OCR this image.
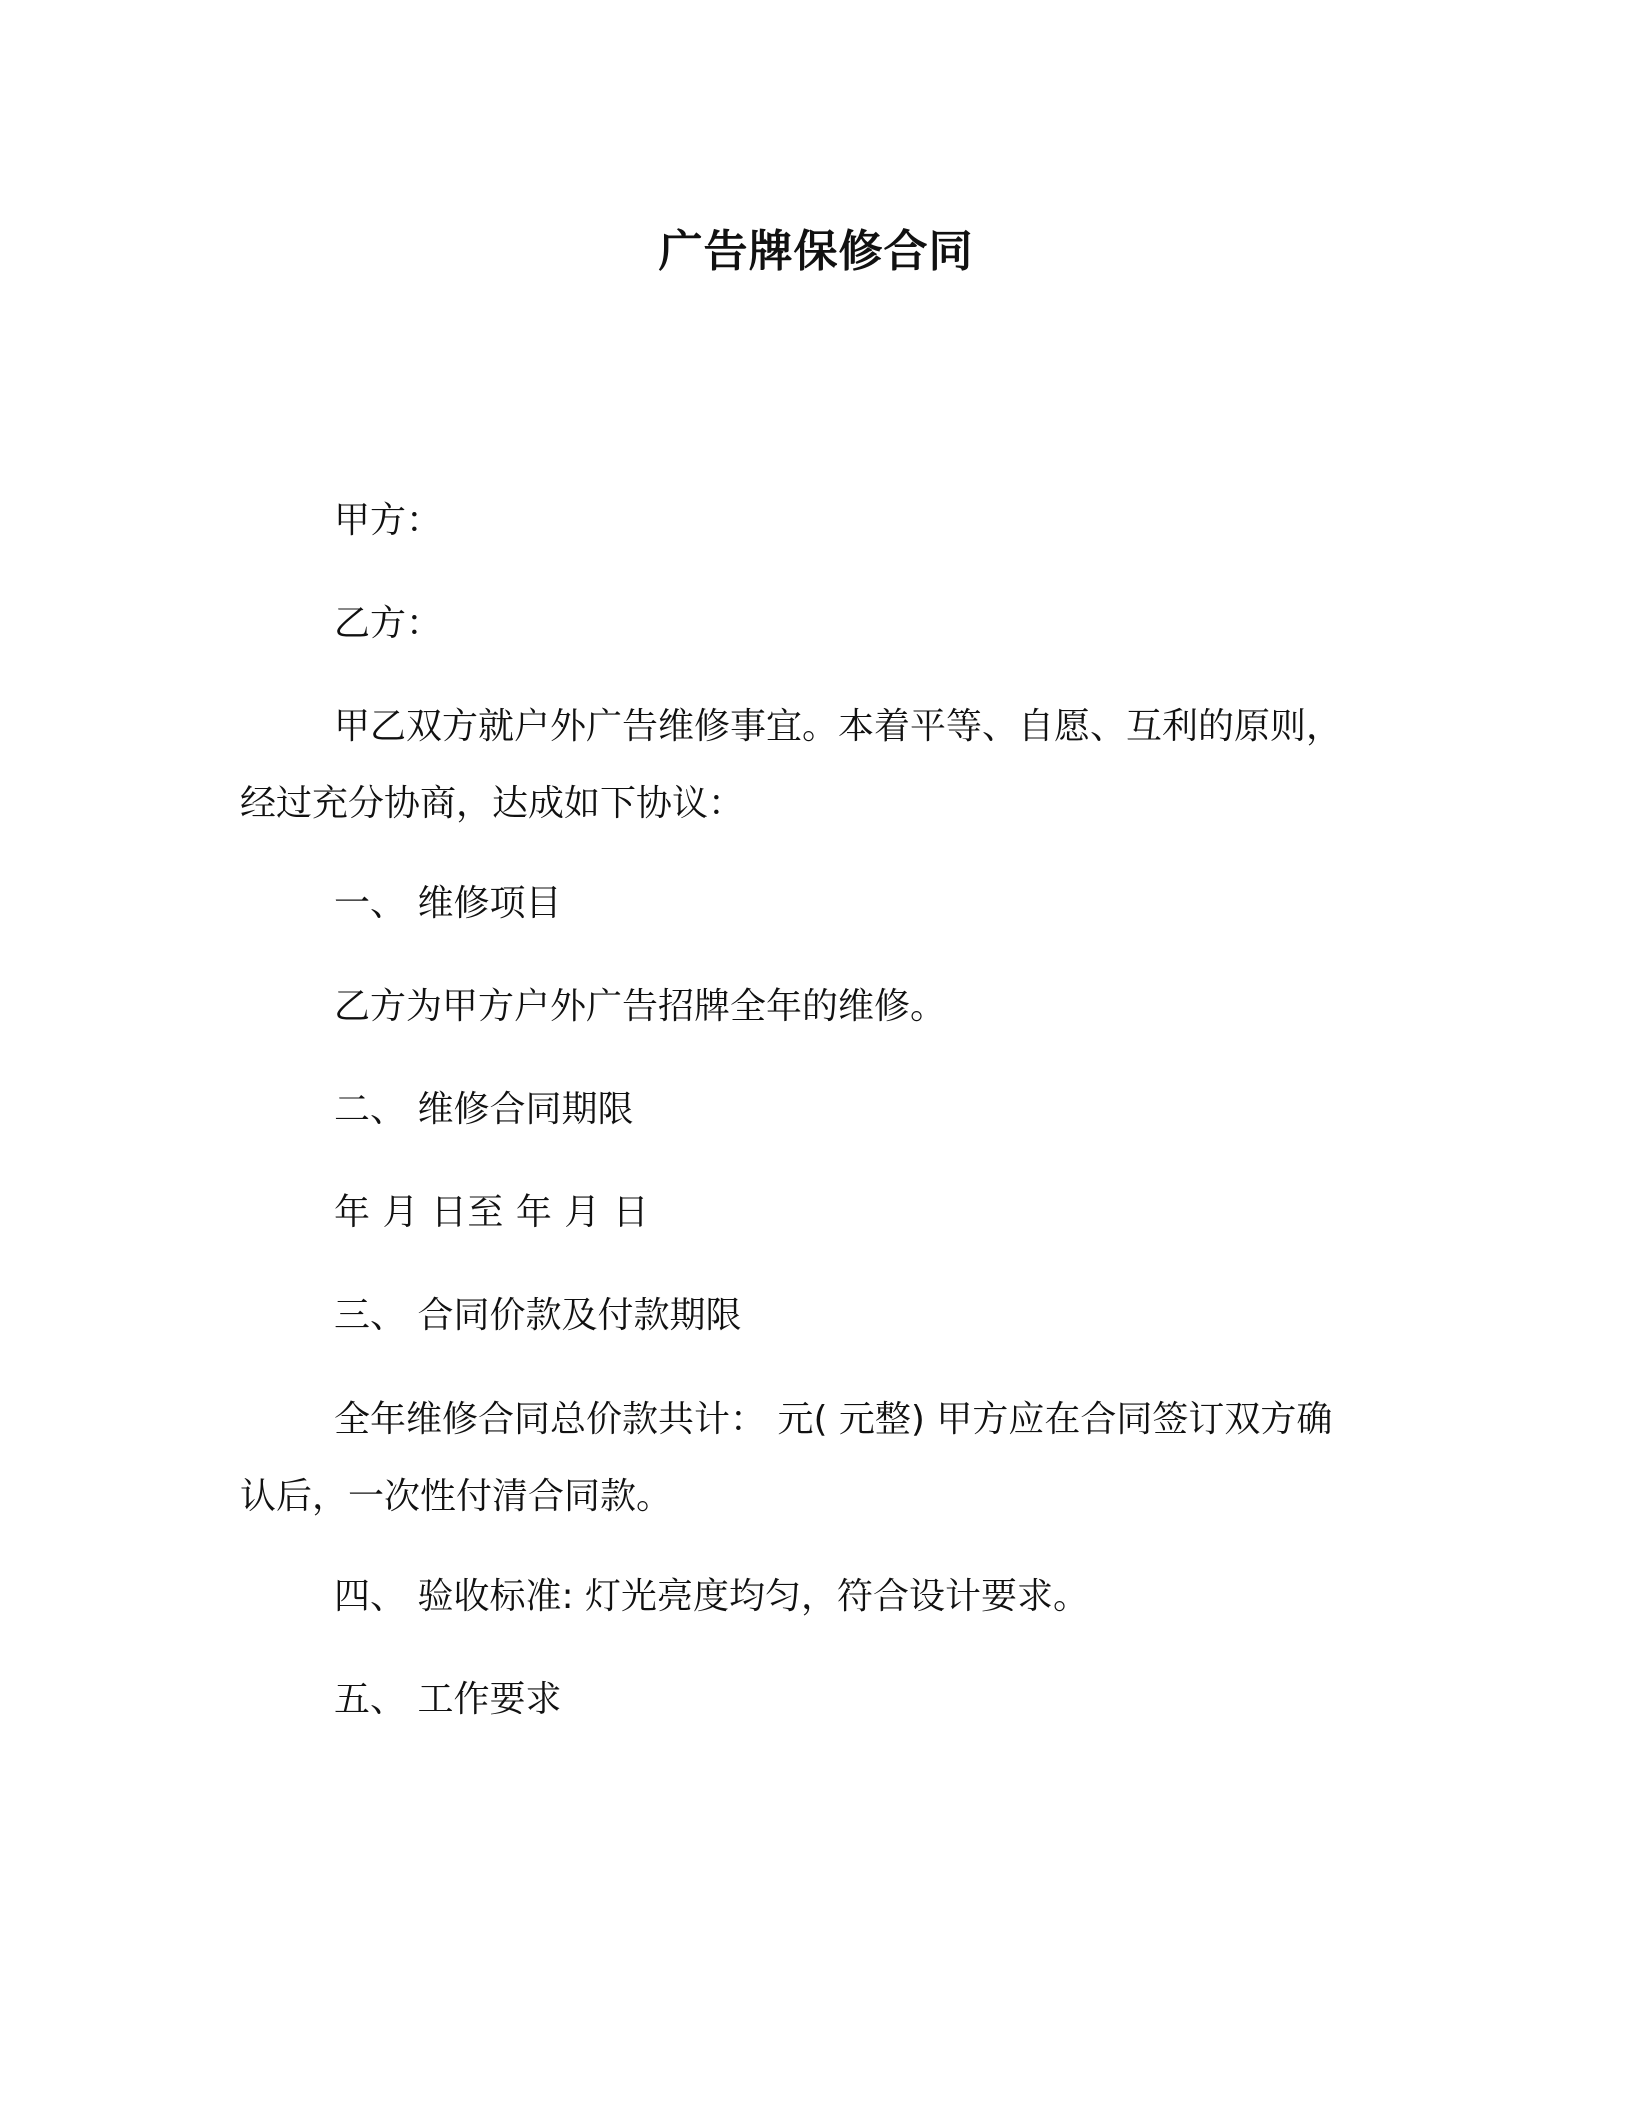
广告牌保修合同
甲方：
乙方：
甲乙双方就户外广告维修事宜。本着平等、自愿、互利的原则，
经过充分协商，达成如下协议：
一、 维修项目
乙方为甲方户外广告招牌全年的维修。
二、 维修合同期限
年 月 日至 年 月 日
三、 合同价款及付款期限
全年维修合同总价款共计： 元( 元整) 甲方应在合同签订双方确
认后，一次性付清合同款。
四、 验收标准: 灯光亮度均匀，符合设计要求。
五、 工作要求
